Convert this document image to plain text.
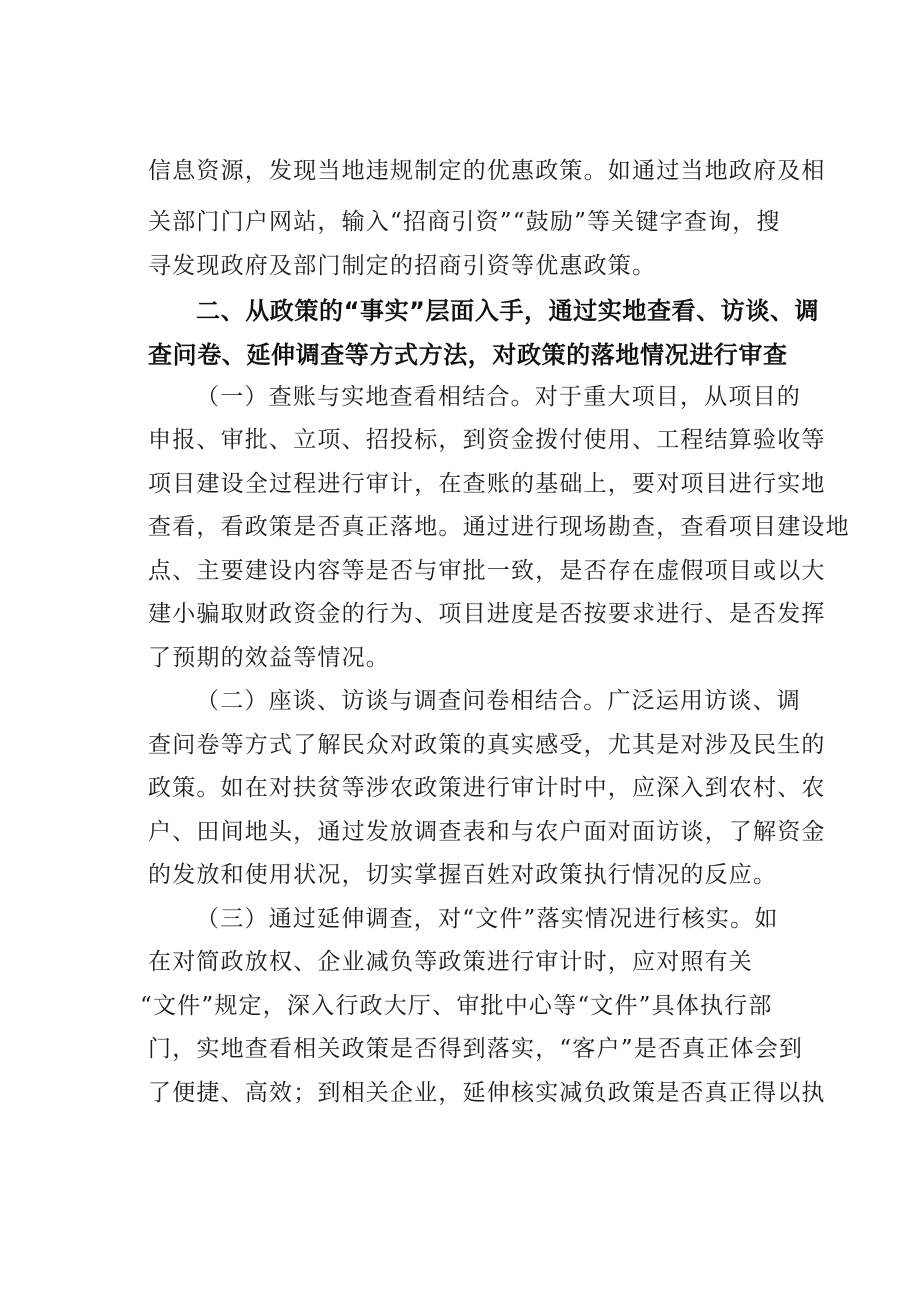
信息资源，发现当地违规制定的优惠政策。如通过当地政府及相
关部门门户网站，输入“招商引资”“鼓励”等关键字查询，搜
寻发现政府及部门制定的招商引资等优惠政策。
二、从政策的“事实”层面入手，通过实地查看、访谈、调
查问卷、延伸调查等方式方法，对政策的落地情况进行审查
（一）查账与实地查看相结合。对于重大项目，从项目的
申报、审批、立项、招投标，到资金拨付使用、工程结算验收等
项目建设全过程进行审计，在查账的基础上，要对项目进行实地
查看，看政策是否真正落地。通过进行现场勘查，查看项目建设地
点、主要建设内容等是否与审批一致，是否存在虚假项目或以大
建小骗取财政资金的行为、项目进度是否按要求进行、是否发挥
了预期的效益等情况。
（二）座谈、访谈与调查问卷相结合。广泛运用访谈、调
查问卷等方式了解民众对政策的真实感受，尤其是对涉及民生的
政策。如在对扶贫等涉农政策进行审计时中，应深入到农村、农
户、田间地头，通过发放调查表和与农户面对面访谈，了解资金
的发放和使用状况，切实掌握百姓对政策执行情况的反应。
（三）通过延伸调查，对“文件”落实情况进行核实。如
在对简政放权、企业减负等政策进行审计时，应对照有关
“文件”规定，深入行政大厅、审批中心等“文件”具体执行部
门，实地查看相关政策是否得到落实，“客户”是否真正体会到
了便捷、高效；到相关企业，延伸核实减负政策是否真正得以执
